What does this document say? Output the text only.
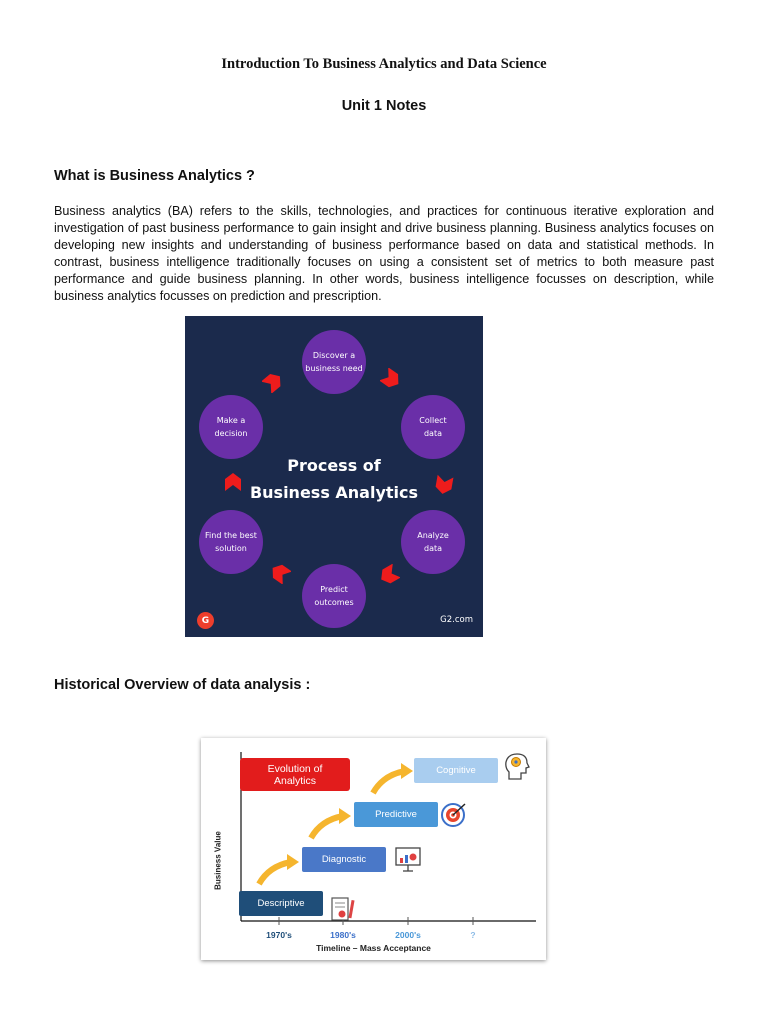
Introduction To Business Analytics and Data Science
Unit 1 Notes
What is Business Analytics ?
Business analytics (BA) refers to the skills, technologies, and practices for continuous iterative exploration and investigation of past business performance to gain insight and drive business planning. Business analytics focuses on developing new insights and understanding of business performance based on data and statistical methods. In contrast, business intelligence traditionally focuses on using a consistent set of metrics to both measure past performance and guide business planning. In other words, business intelligence focusses on description, while business analytics focusses on prediction and prescription.
Discover a
business need
Collect
data
Analyze
data
Predict
outcomes
Find the best
solution
Make a
decision
Process of
Business Analytics
G	G2.com
Historical Overview of data analysis :
Evolution of
Analytics
Descriptive
Diagnostic
Predictive
Cognitive
Business Value
1970's	1980's	2000's	?
Timeline – Mass Acceptance
